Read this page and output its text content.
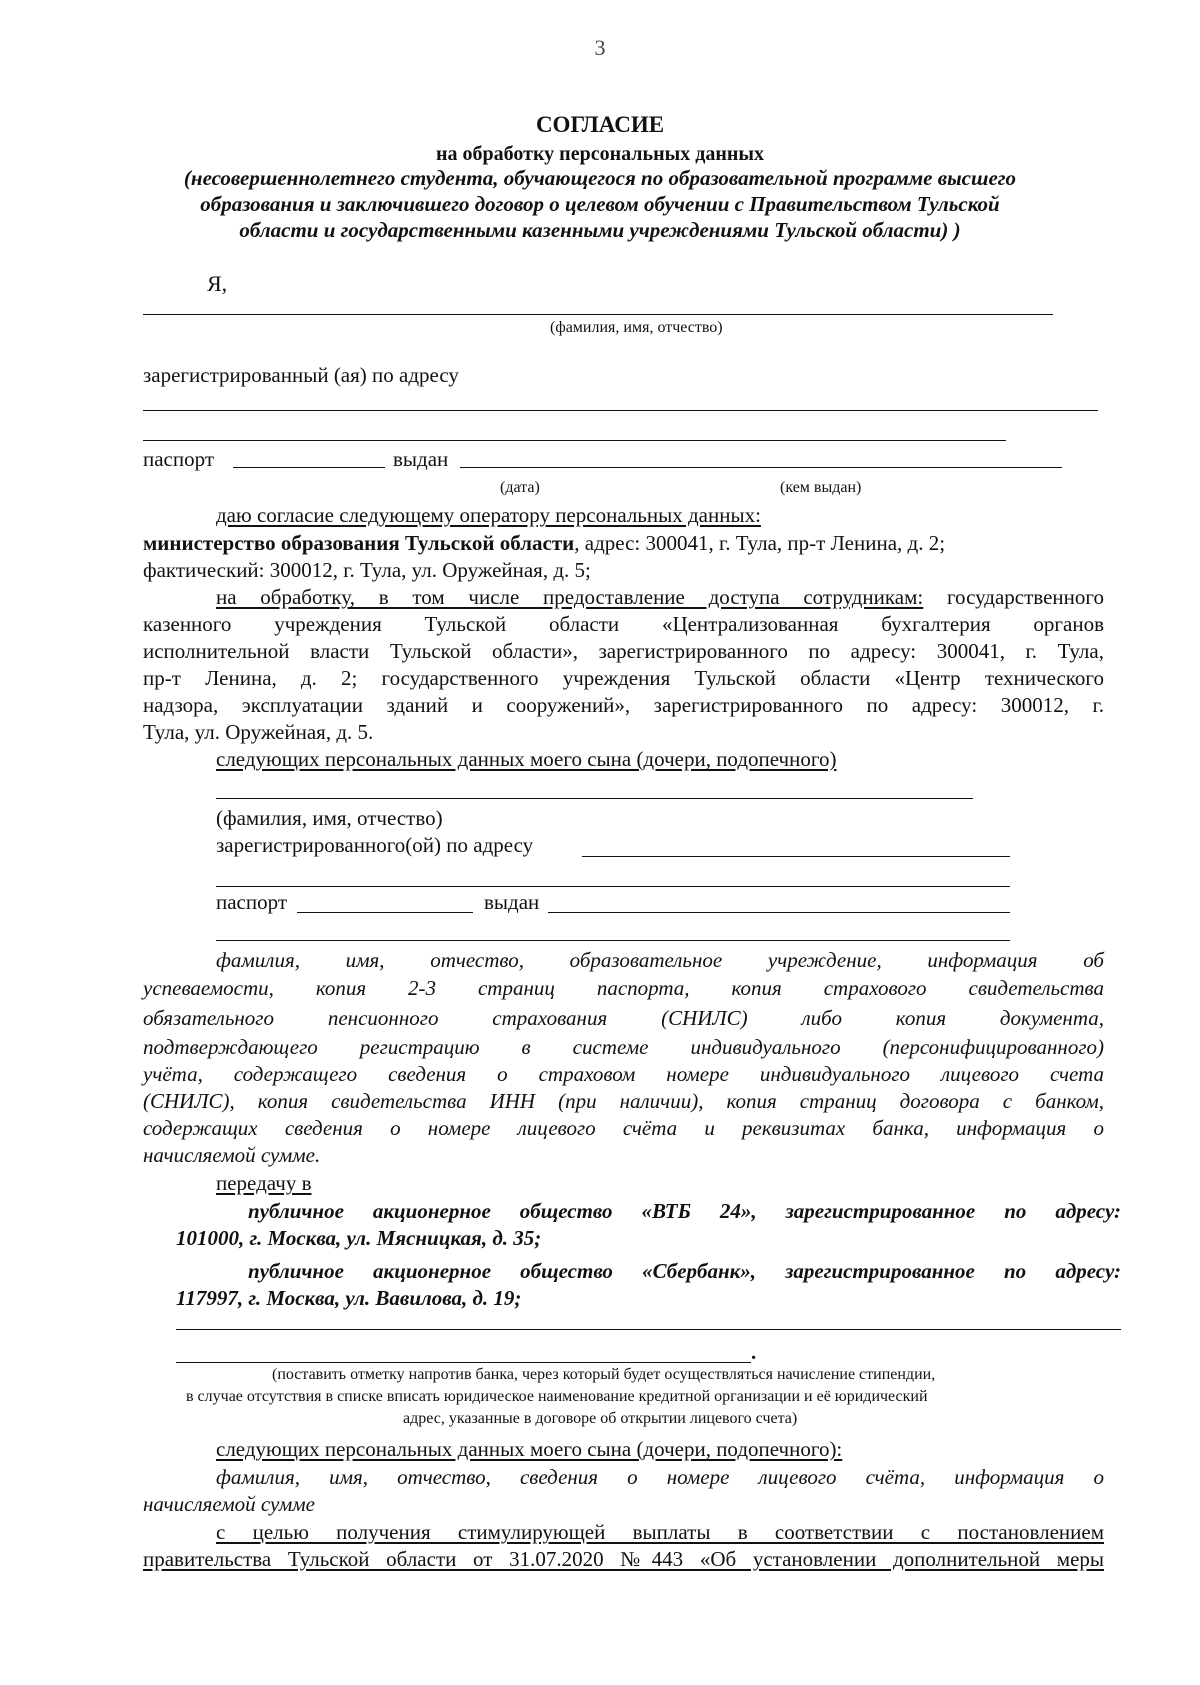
3
СОГЛАСИЕ
на обработку персональных данных
(несовершеннолетнего студента, обучающегося по образовательной программе высшего
образования и заключившего договор о целевом обучении с Правительством Тульской
области и государственными казенными учреждениями Тульской области) )
Я,
(фамилия, имя, отчество)
зарегистрированный (ая) по адресу
паспорт	выдан
(дата)	(кем выдан)
даю согласие следующему оператору персональных данных:
министерство образования Тульской области, адрес: 300041, г. Тула, пр-т Ленина, д. 2;
фактический: 300012, г. Тула, ул. Оружейная, д. 5;
на обработку, в том числе предоставление доступа сотрудникам: государственного
казенного учреждения Тульской области «Централизованная бухгалтерия органов
исполнительной власти Тульской области», зарегистрированного по адресу: 300041, г. Тула,
пр-т Ленина, д. 2; государственного учреждения Тульской области «Центр технического
надзора, эксплуатации зданий и сооружений», зарегистрированного по адресу: 300012, г.
Тула, ул. Оружейная, д. 5.
следующих персональных данных моего сына (дочери, подопечного)
(фамилия, имя, отчество)
зарегистрированного(ой) по адресу
паспорт	выдан
фамилия, имя, отчество, образовательное учреждение, информация об
успеваемости, копия 2-3 страниц паспорта, копия страхового свидетельства
обязательного пенсионного страхования (СНИЛС) либо копия документа,
подтверждающего регистрацию в системе индивидуального (персонифицированного)
учёта, содержащего сведения о страховом номере индивидуального лицевого счета
(СНИЛС), копия свидетельства ИНН (при наличии), копия страниц договора с банком,
содержащих сведения о номере лицевого счёта и реквизитах банка, информация о
начисляемой сумме.
передачу в
публичное акционерное общество «ВТБ 24», зарегистрированное по адресу:
101000, г. Москва, ул. Мясницкая, д. 35;
публичное акционерное общество «Сбербанк», зарегистрированное по адресу:
117997, г. Москва, ул. Вавилова, д. 19;
.
(поставить отметку напротив банка, через который будет осуществляться начисление стипендии,
в случае отсутствия в списке вписать юридическое наименование кредитной организации и её юридический
адрес, указанные в договоре об открытии лицевого счета)
следующих персональных данных моего сына (дочери, подопечного):
фамилия, имя, отчество, сведения о номере лицевого счёта, информация о
начисляемой сумме
с целью получения стимулирующей выплаты в соответствии с постановлением
правительства Тульской области от 31.07.2020 №443 «Об установлении дополнительной меры
